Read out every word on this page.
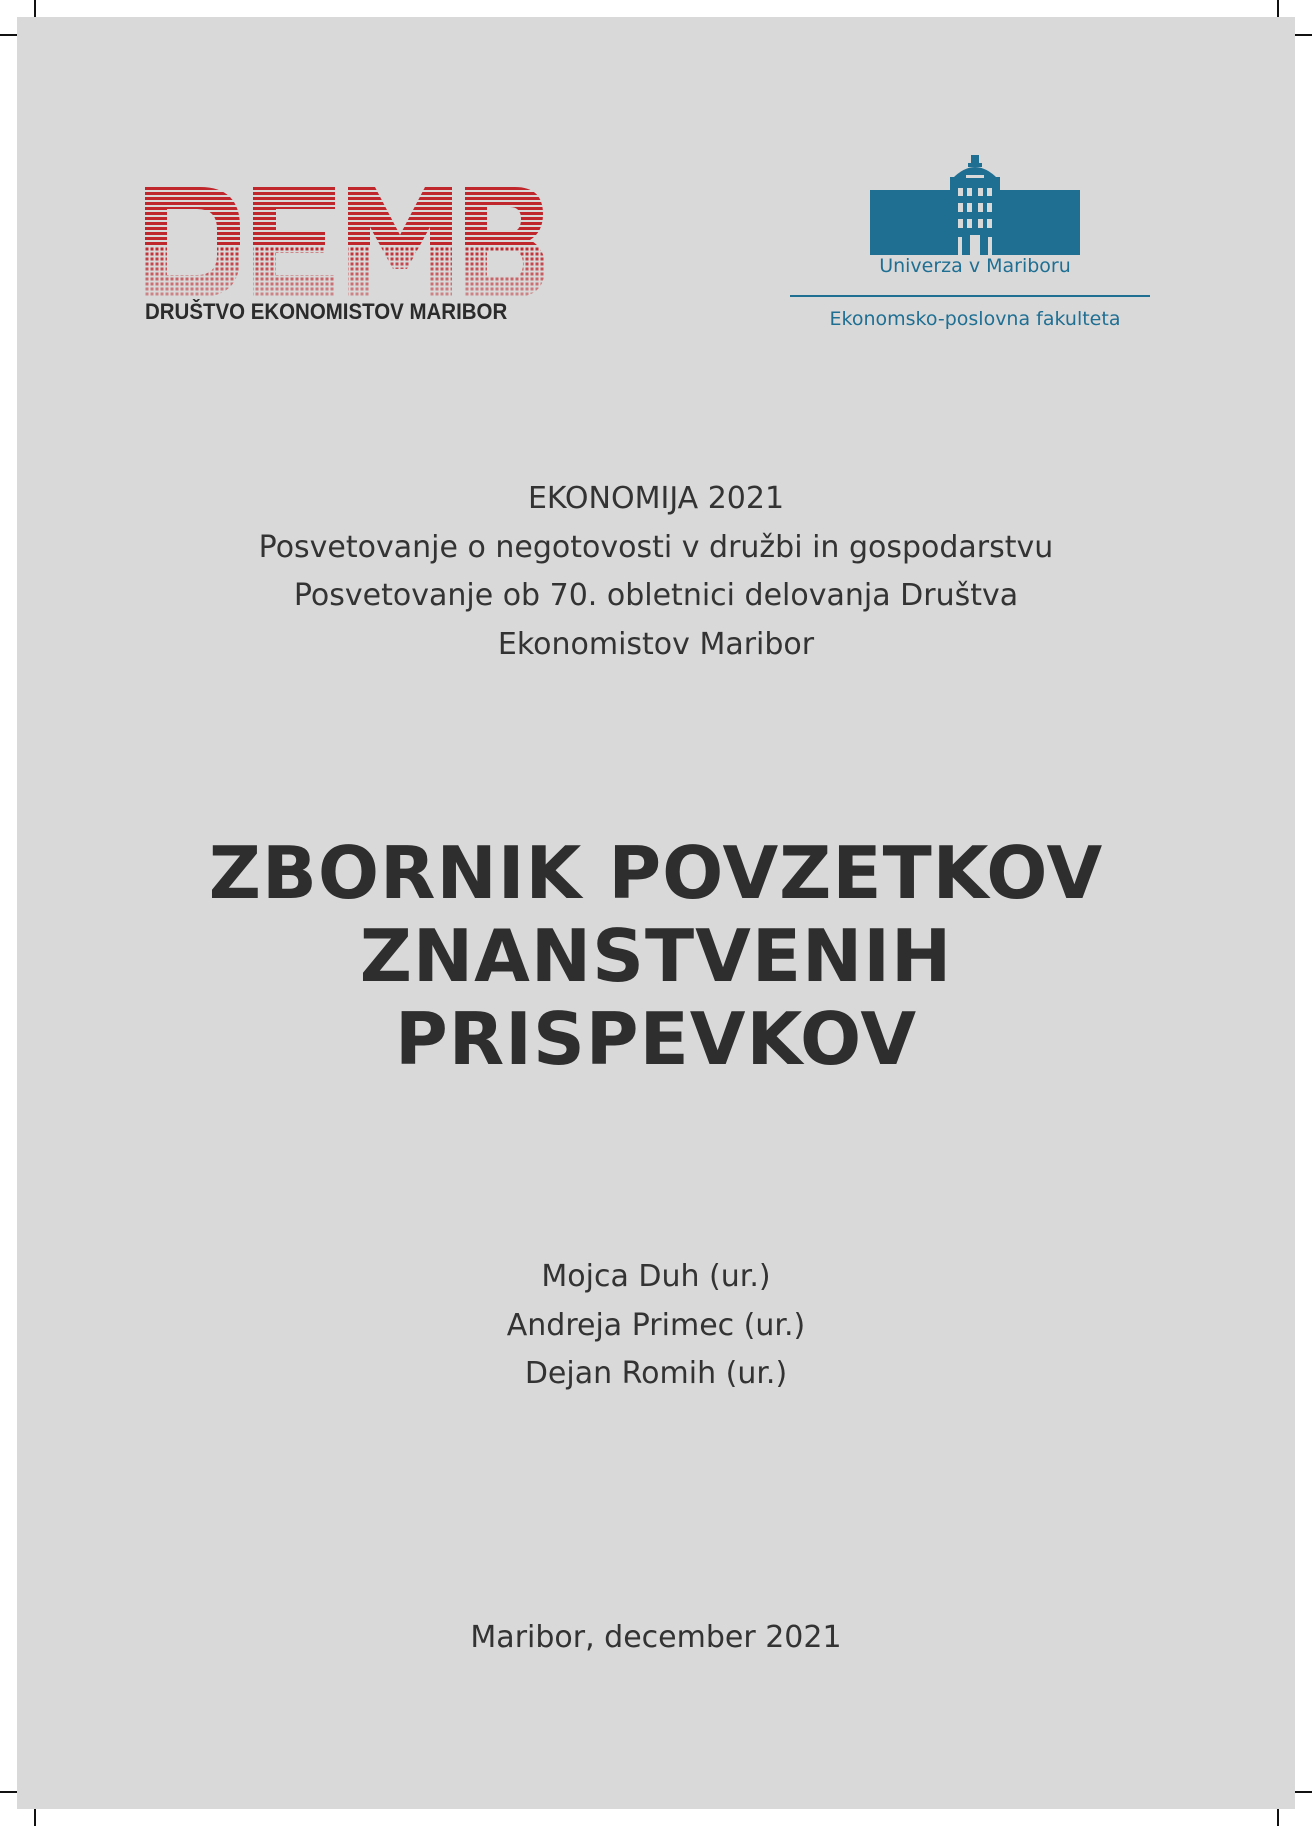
DRUŠTVO EKONOMISTOV MARIBOR
Univerza v Mariboru
Ekonomsko-poslovna fakulteta
EKONOMIJA 2021
Posvetovanje o negotovosti v družbi in gospodarstvu
Posvetovanje ob 70. obletnici delovanja Društva
Ekonomistov Maribor
ZBORNIK POVZETKOV
ZNANSTVENIH
PRISPEVKOV
Mojca Duh (ur.)
Andreja Primec (ur.)
Dejan Romih (ur.)
Maribor, december 2021
